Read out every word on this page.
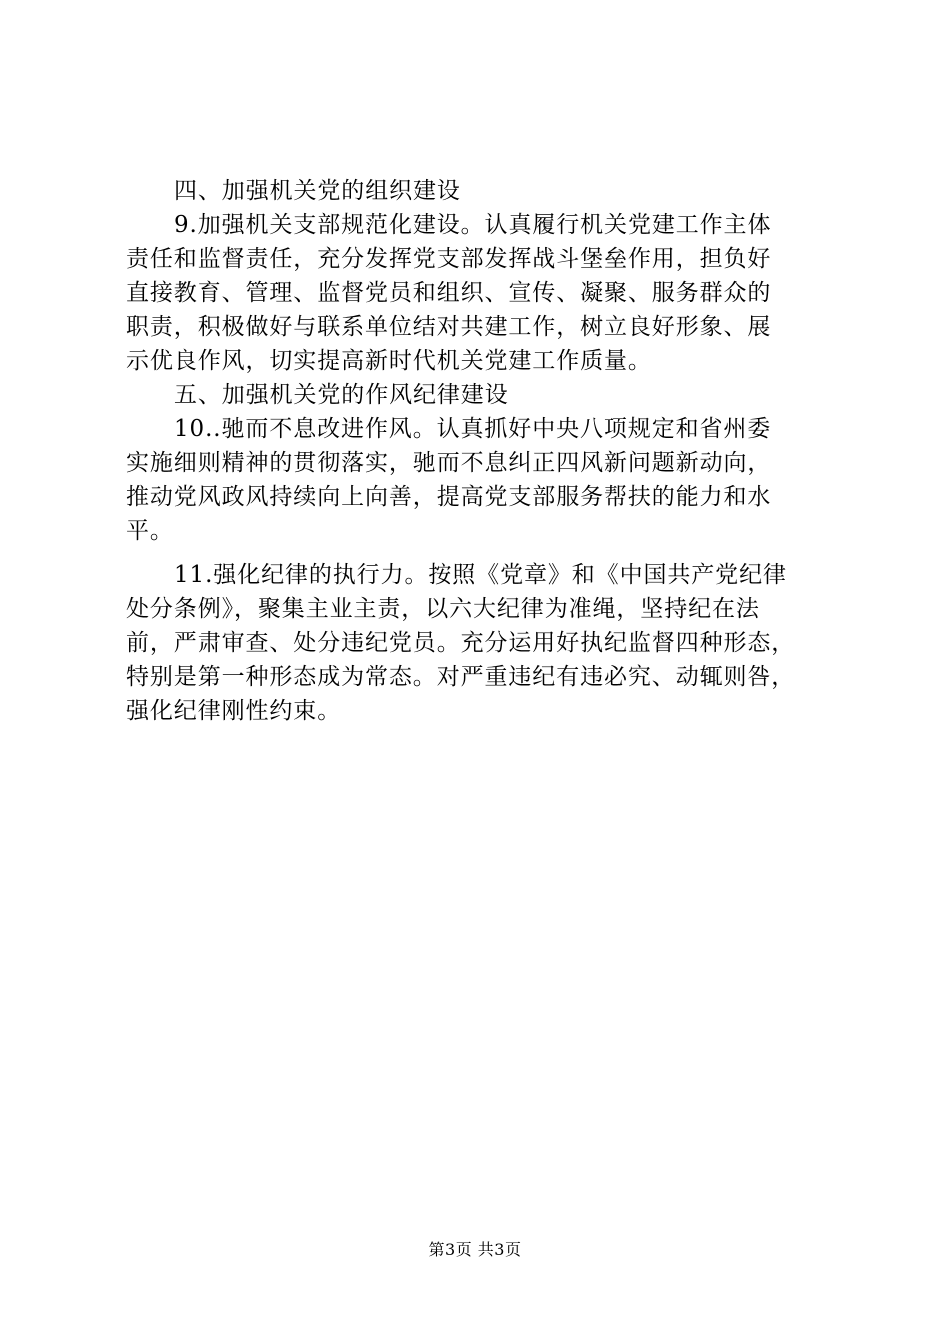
四、加强机关党的组织建设
9.加强机关支部规范化建设。认真履行机关党建工作主体
责任和监督责任，充分发挥党支部发挥战斗堡垒作用，担负好
直接教育、管理、监督党员和组织、宣传、凝聚、服务群众的
职责，积极做好与联系单位结对共建工作，树立良好形象、展
示优良作风，切实提高新时代机关党建工作质量。
五、加强机关党的作风纪律建设
10..驰而不息改进作风。认真抓好中央八项规定和省州委
实施细则精神的贯彻落实，驰而不息纠正四风新问题新动向，
推动党风政风持续向上向善，提高党支部服务帮扶的能力和水
平。
11.强化纪律的执行力。按照《党章》和《中国共产党纪律
处分条例》，聚集主业主责，以六大纪律为准绳，坚持纪在法
前，严肃审查、处分违纪党员。充分运用好执纪监督四种形态，
特别是第一种形态成为常态。对严重违纪有违必究、动辄则咎，
强化纪律刚性约束。
第3页 共3页
